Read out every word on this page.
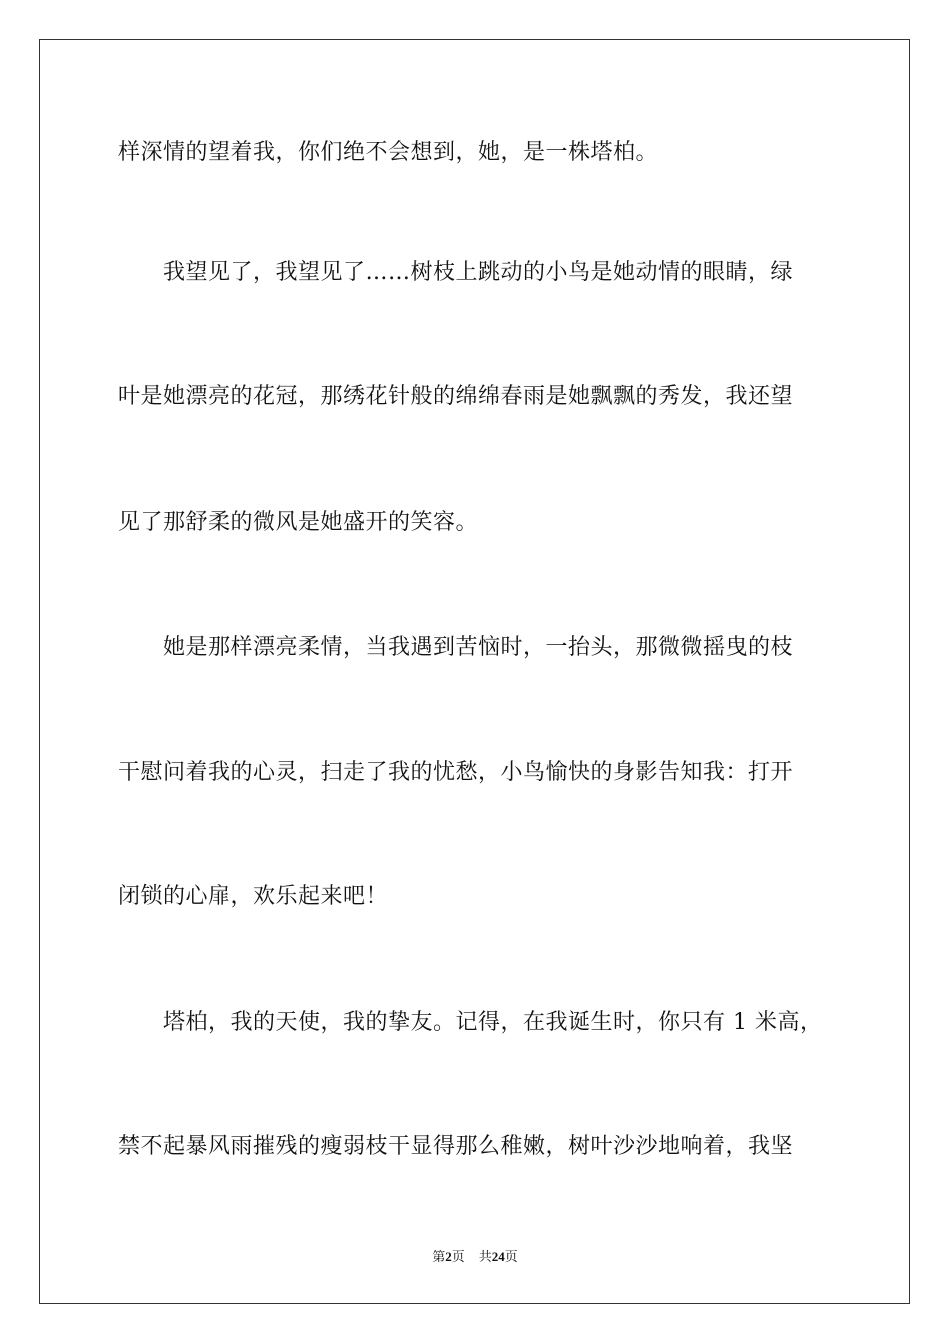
样深情的望着我，你们绝不会想到，她，是一株塔柏。
我望见了，我望见了……树枝上跳动的小鸟是她动情的眼睛，绿
叶是她漂亮的花冠，那绣花针般的绵绵春雨是她飘飘的秀发，我还望
见了那舒柔的微风是她盛开的笑容。
她是那样漂亮柔情，当我遇到苦恼时，一抬头，那微微摇曳的枝
干慰问着我的心灵，扫走了我的忧愁，小鸟愉快的身影告知我：打开
闭锁的心扉，欢乐起来吧！
塔柏，我的天使，我的挚友。记得，在我诞生时，你只有 1 米高，
禁不起暴风雨摧残的瘦弱枝干显得那么稚嫩，树叶沙沙地响着，我坚
第2页 共24页
